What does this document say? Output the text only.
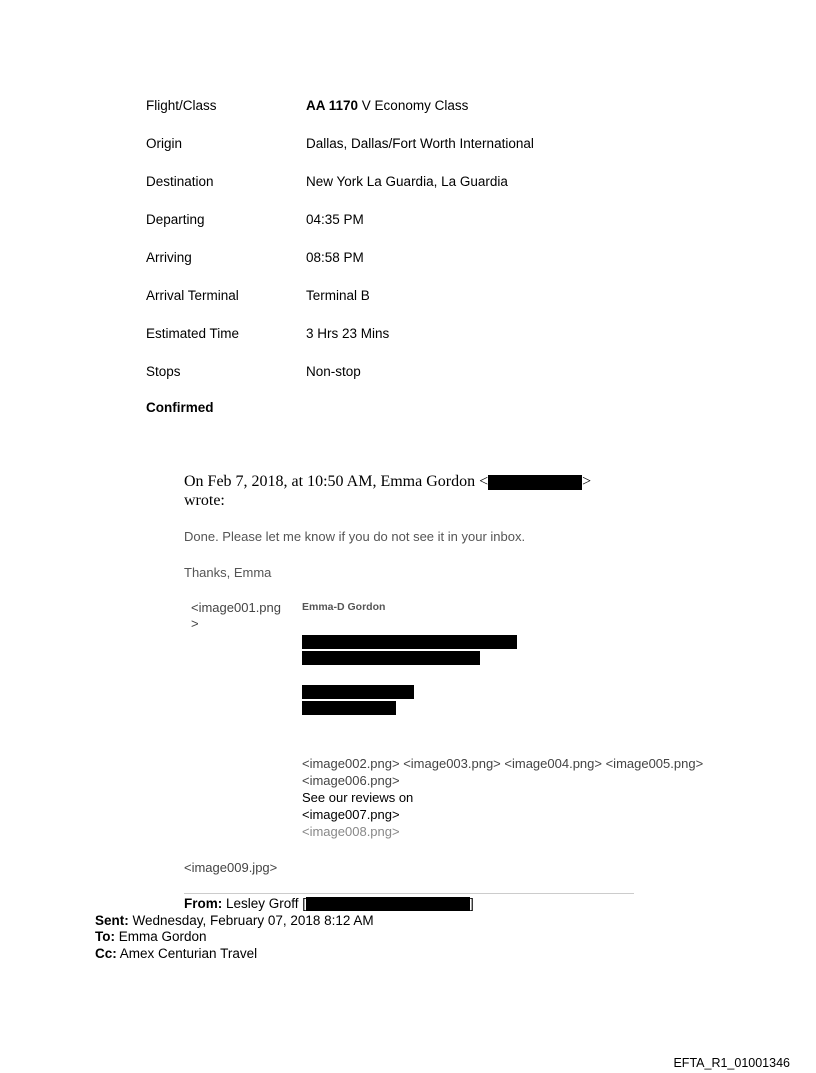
Flight/Class	AA 1170 V Economy Class
Origin	Dallas, Dallas/Fort Worth International
Destination	New York La Guardia, La Guardia
Departing	04:35 PM
Arriving	08:58 PM
Arrival Terminal	Terminal B
Estimated Time	3 Hrs 23 Mins
Stops	Non-stop
Confirmed
On Feb 7, 2018, at 10:50 AM, Emma Gordon <	>
wrote:
Done. Please let me know if you do not see it in your inbox.
Thanks, Emma
<image001.png
>
Emma-D Gordon
<image002.png> <image003.png> <image004.png> <image005.png> <image006.png>
See our reviews on
<image007.png>
<image008.png>
<image009.jpg>
From: Lesley Groff [	]
Sent: Wednesday, February 07, 2018 8:12 AM
To: Emma Gordon
Cc: Amex Centurian Travel
EFTA_R1_01001346
